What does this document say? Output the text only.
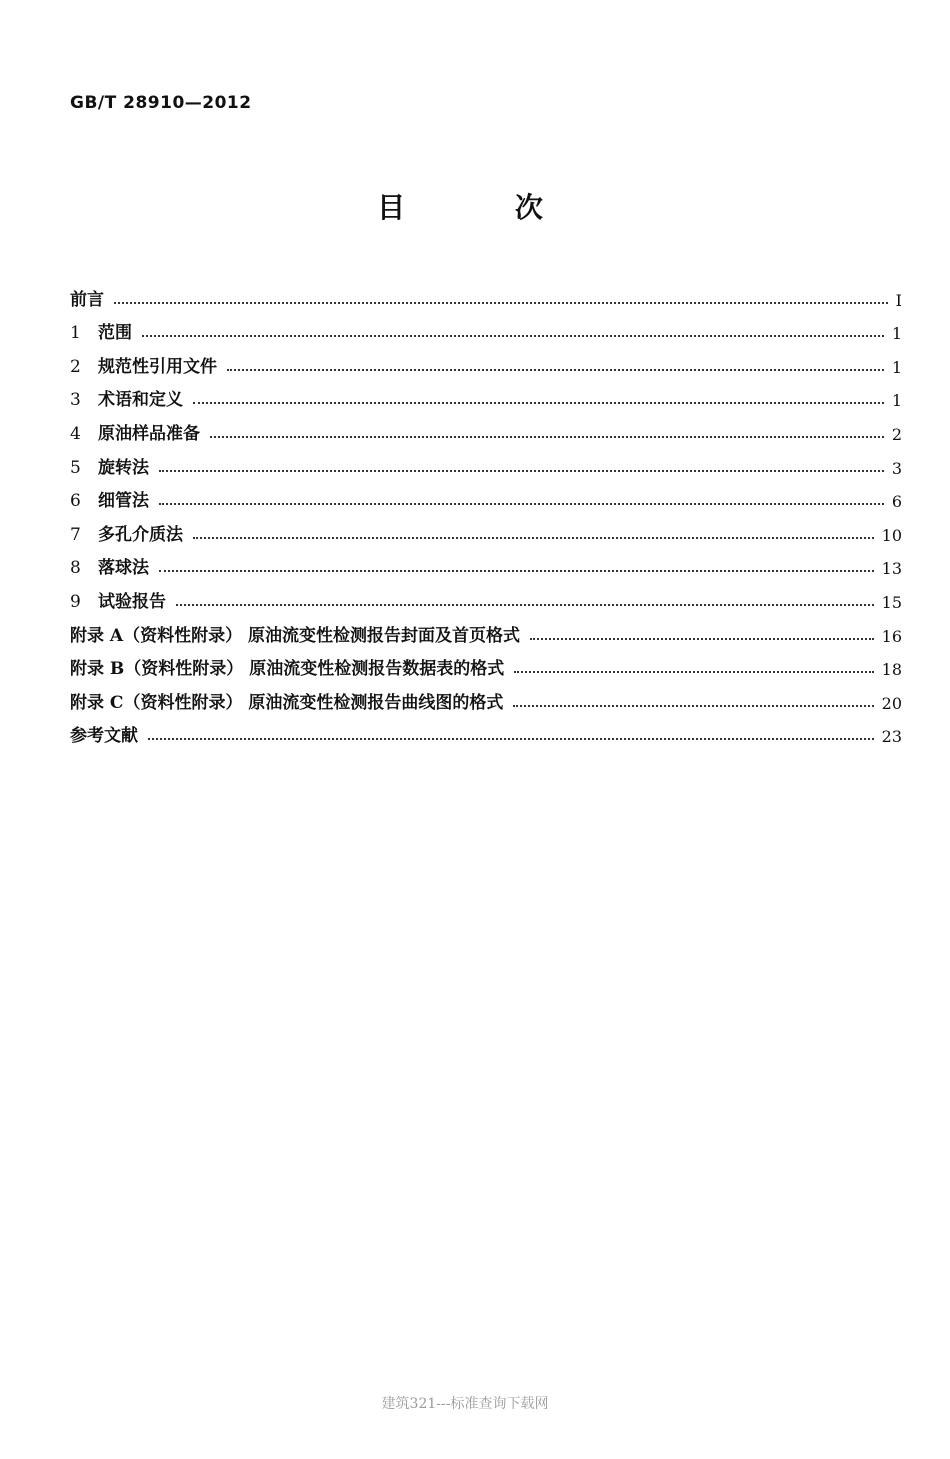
GB/T 28910—2012
目 次
前言	Ⅰ
1	范围	1
2	规范性引用文件	1
3	术语和定义	1
4	原油样品准备	2
5	旋转法	3
6	细管法	6
7	多孔介质法	10
8	落球法	13
9	试验报告	15
附录 A（资料性附录） 原油流变性检测报告封面及首页格式	16
附录 B（资料性附录） 原油流变性检测报告数据表的格式	18
附录 C（资料性附录） 原油流变性检测报告曲线图的格式	20
参考文献	23
建筑321---标准查询下载网
